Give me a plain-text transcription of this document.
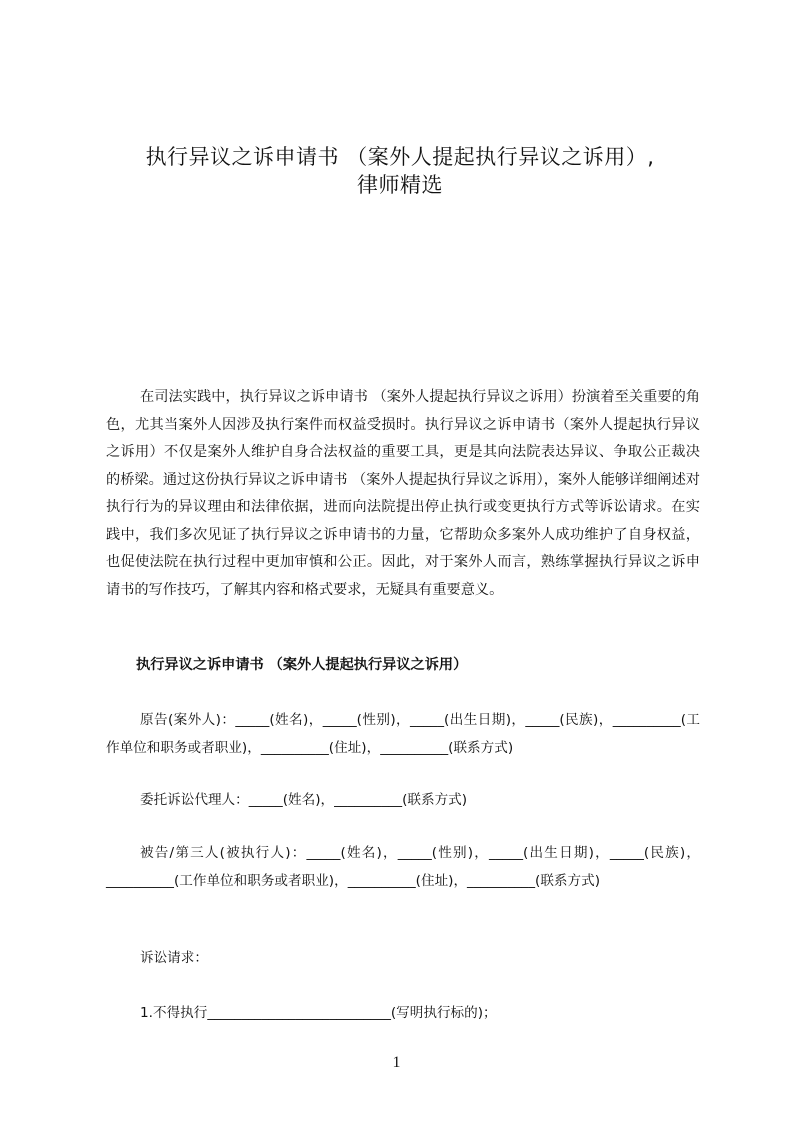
执行异议之诉申请书 （案外人提起执行异议之诉用）,
律师精选

在司法实践中，执行异议之诉申请书 （案外人提起执行异议之诉用）扮演着至关重要的角色，尤其当案外人因涉及执行案件而权益受损时。执行异议之诉申请书（案外人提起执行异议之诉用）不仅是案外人维护自身合法权益的重要工具，更是其向法院表达异议、争取公正裁决的桥梁。通过这份执行异议之诉申请书 （案外人提起执行异议之诉用），案外人能够详细阐述对执行行为的异议理由和法律依据，进而向法院提出停止执行或变更执行方式等诉讼请求。在实践中，我们多次见证了执行异议之诉申请书的力量，它帮助众多案外人成功维护了自身权益，也促使法院在执行过程中更加审慎和公正。因此，对于案外人而言，熟练掌握执行异议之诉申请书的写作技巧，了解其内容和格式要求，无疑具有重要意义。

执行异议之诉申请书 （案外人提起执行异议之诉用）

原告(案外人)：_____(姓名)，_____(性别)，_____(出生日期)，_____(民族)，__________(工作单位和职务或者职业)，__________(住址)，__________(联系方式)

委托诉讼代理人：_____(姓名)，__________(联系方式)

被告/第三人(被执行人)：_____(姓名)，_____(性别)，_____(出生日期)，_____(民族)，__________(工作单位和职务或者职业)，__________(住址)，__________(联系方式)

诉讼请求：

1.不得执行___________________________(写明执行标的)；

1
